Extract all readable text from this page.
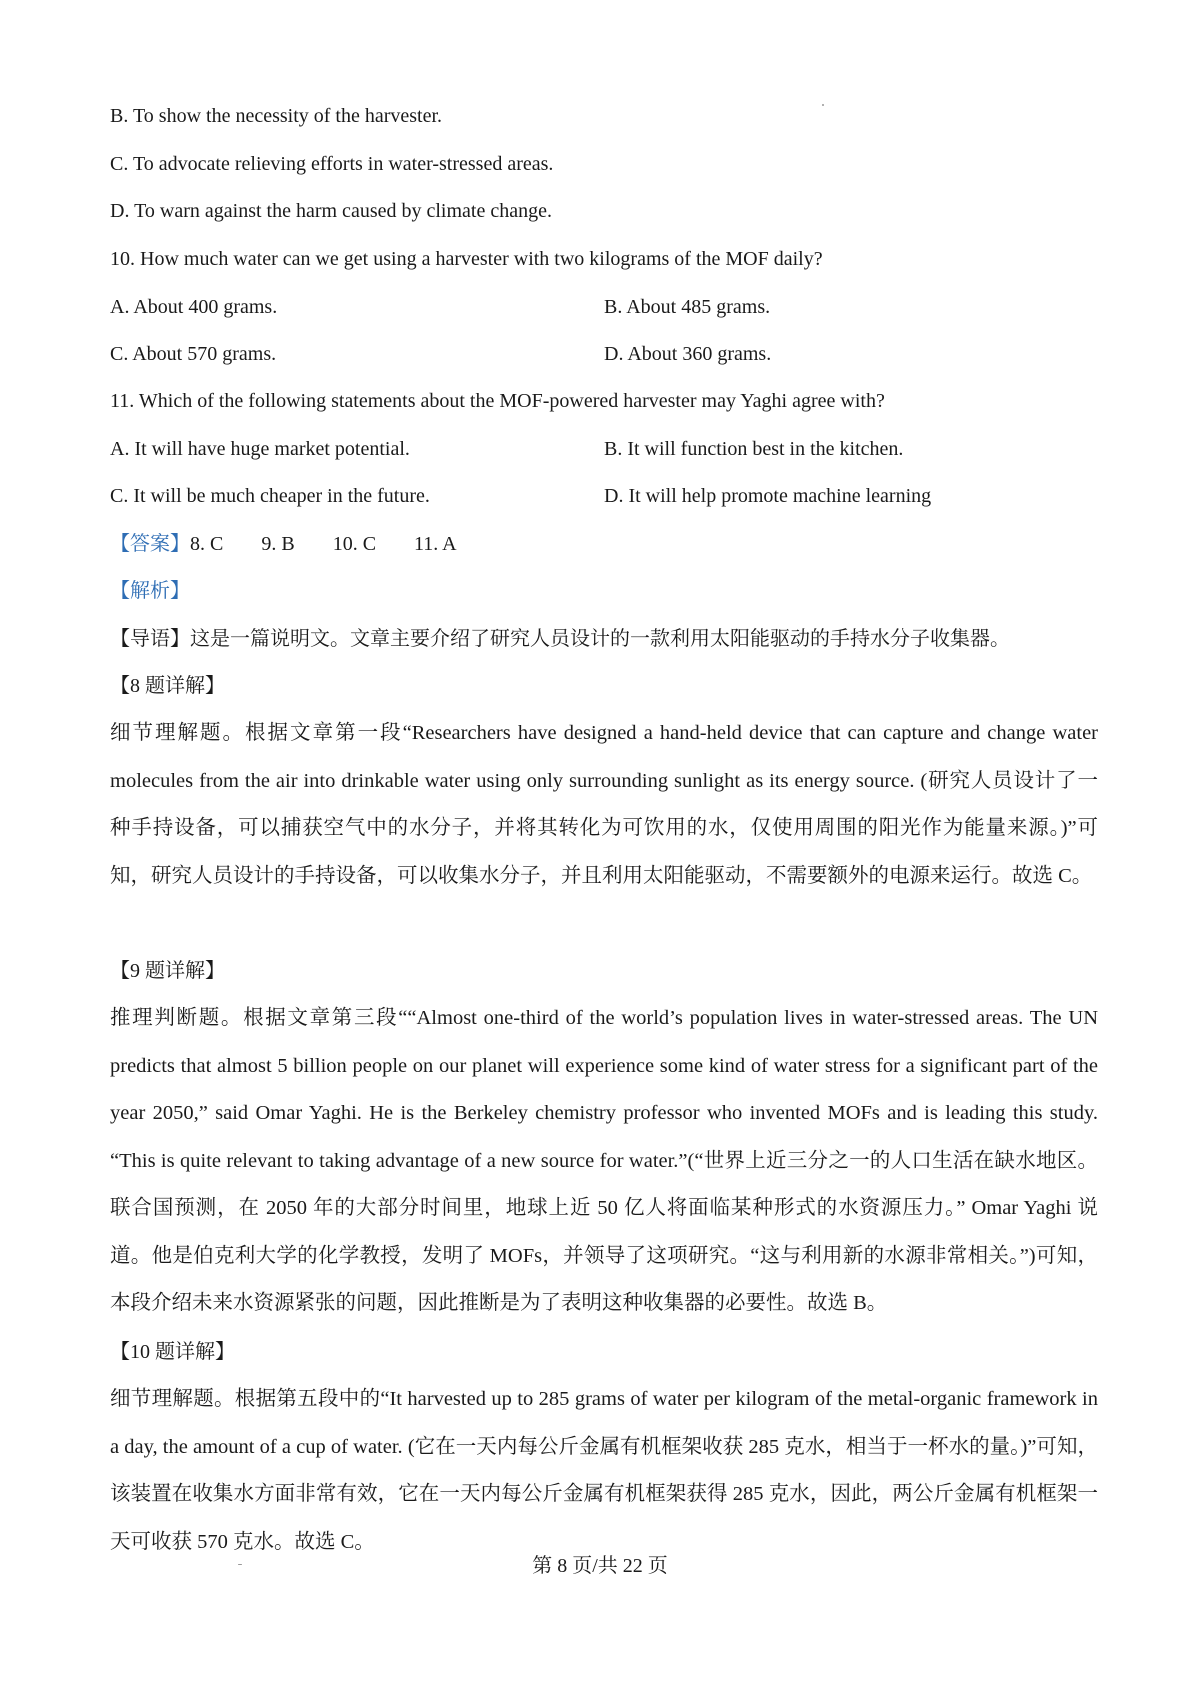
B. To show the necessity of the harvester.
C. To advocate relieving efforts in water-stressed areas.
D. To warn against the harm caused by climate change.
10. How much water can we get using a harvester with two kilograms of the MOF daily?
A. About 400 grams.	B. About 485 grams.
C. About 570 grams.	D. About 360 grams.
11. Which of the following statements about the MOF-powered harvester may Yaghi agree with?
A. It will have huge market potential.	B. It will function best in the kitchen.
C. It will be much cheaper in the future.	D. It will help promote machine learning
【答案】8. C 9. B 10. C 11. A
【解析】
【导语】这是一篇说明文。文章主要介绍了研究人员设计的一款利用太阳能驱动的手持水分子收集器。
【8 题详解】
细节理解题。根据文章第一段“Researchers have designed a hand-held device that can capture and change water molecules from the air into drinkable water using only surrounding sunlight as its energy source. (研究人员设计了一种手持设备，可以捕获空气中的水分子，并将其转化为可饮用的水，仅使用周围的阳光作为能量来源。)”可知，研究人员设计的手持设备，可以收集水分子，并且利用太阳能驱动，不需要额外的电源来运行。故选 C。
【9 题详解】
推理判断题。根据文章第三段““Almost one-third of the world’s population lives in water-stressed areas. The UN predicts that almost 5 billion people on our planet will experience some kind of water stress for a significant part of the year 2050,” said Omar Yaghi. He is the Berkeley chemistry professor who invented MOFs and is leading this study. “This is quite relevant to taking advantage of a new source for water.”(“世界上近三分之一的人口生活在缺水地区。联合国预测，在 2050 年的大部分时间里，地球上近 50 亿人将面临某种形式的水资源压力。” Omar Yaghi 说道。他是伯克利大学的化学教授，发明了 MOFs，并领导了这项研究。“这与利用新的水源非常相关。”)可知，本段介绍未来水资源紧张的问题，因此推断是为了表明这种收集器的必要性。故选 B。
【10 题详解】
细节理解题。根据第五段中的“It harvested up to 285 grams of water per kilogram of the metal-organic framework in a day, the amount of a cup of water. (它在一天内每公斤金属有机框架收获 285 克水，相当于一杯水的量。)”可知，该装置在收集水方面非常有效，它在一天内每公斤金属有机框架获得 285 克水，因此，两公斤金属有机框架一天可收获 570 克水。故选 C。
第 8 页/共 22 页
